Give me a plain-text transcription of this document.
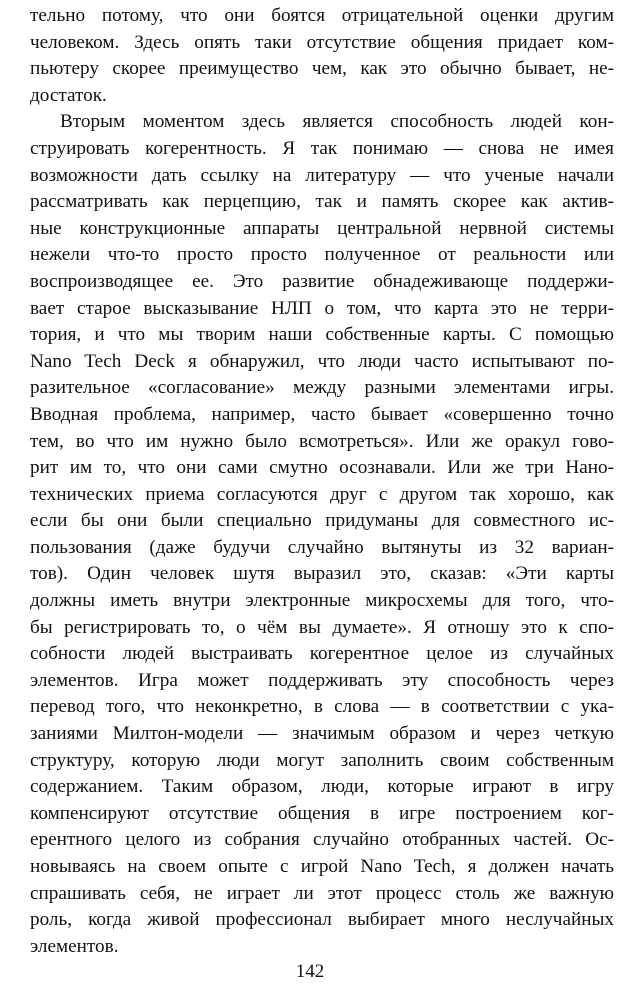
тельно потому, что они боятся отрицательной оценки другим
человеком. Здесь опять таки отсутствие общения придает ком-
пьютеру скорее преимущество чем, как это обычно бывает, не-
достаток.
Вторым моментом здесь является способность людей кон-
струировать когерентность. Я так понимаю — снова не имея
возможности дать ссылку на литературу — что ученые начали
рассматривать как перцепцию, так и память скорее как актив-
ные конструкционные аппараты центральной нервной системы
нежели что-то просто просто полученное от реальности или
воспроизводящее ее. Это развитие обнадеживающе поддержи-
вает старое высказывание НЛП о том, что карта это не терри-
тория, и что мы творим наши собственные карты. С помощью
Nano Tech Deck я обнаружил, что люди часто испытывают по-
разительное «согласование» между разными элементами игры.
Вводная проблема, например, часто бывает «совершенно точно
тем, во что им нужно было всмотреться». Или же оракул гово-
рит им то, что они сами смутно осознавали. Или же три Нано-
технических приема согласуются друг с другом так хорошо, как
если бы они были специально придуманы для совместного ис-
пользования (даже будучи случайно вытянуты из 32 вариан-
тов). Один человек шутя выразил это, сказав: «Эти карты
должны иметь внутри электронные микросхемы для того, что-
бы регистрировать то, о чём вы думаете». Я отношу это к спо-
собности людей выстраивать когерентное целое из случайных
элементов. Игра может поддерживать эту способность через
перевод того, что неконкретно, в слова — в соответствии с ука-
заниями Милтон-модели — значимым образом и через четкую
структуру, которую люди могут заполнить своим собственным
содержанием. Таким образом, люди, которые играют в игру
компенсируют отсутствие общения в игре построением ког-
ерентного целого из собрания случайно отобранных частей. Ос-
новываясь на своем опыте с игрой Nano Tech, я должен начать
спрашивать себя, не играет ли этот процесс столь же важную
роль, когда живой профессионал выбирает много неслучайных
элементов.
142
